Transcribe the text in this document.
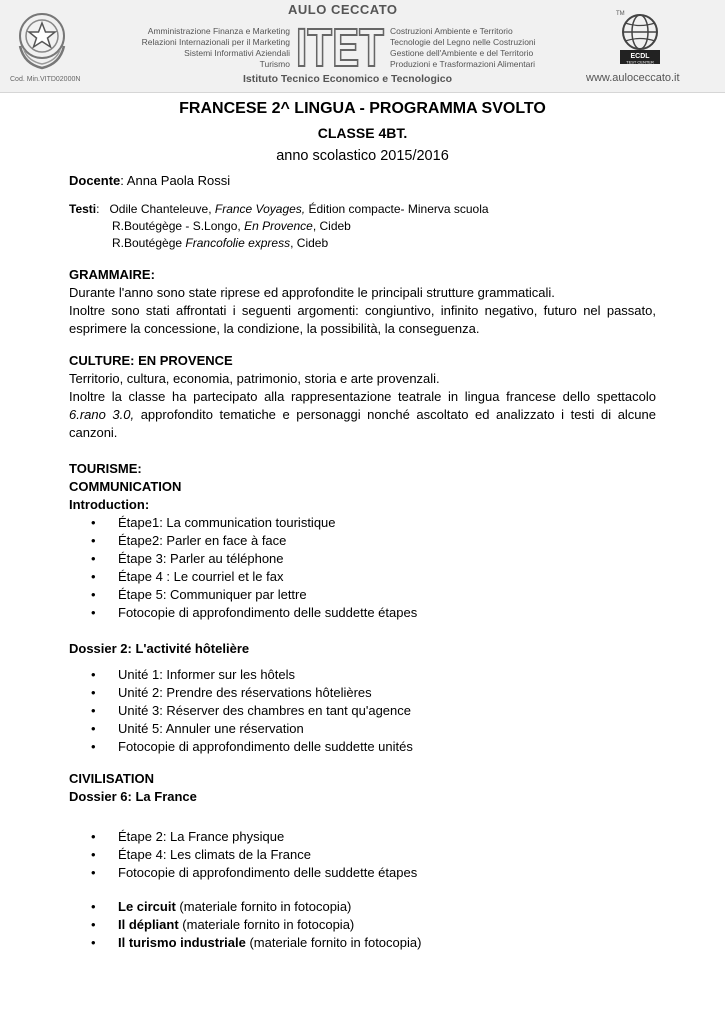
Cod. Min.VITD02000N
AULO CECCATO
Amministrazione Finanza e Marketing
Relazioni Internazionali per il Marketing
Sistemi Informativi Aziendali
Turismo ITET Costruzioni Ambiente e Territorio
Tecnologie del Legno nelle Costruzioni
Gestione dell'Ambiente e del Territorio
Produzioni e Trasformazioni Alimentari
Istituto Tecnico Economico e Tecnologico
TM
ECDL
TEST CENTER
www.auloceccato.it
FRANCESE 2^ LINGUA - PROGRAMMA SVOLTO
CLASSE 4BT.
anno scolastico 2015/2016
Docente: Anna Paola Rossi
Testi:   Odile Chanteleuve, France Voyages, Édition compacte- Minerva scuola
R.Boutégège - S.Longo, En Provence, Cideb
R.Boutégège Francofolie express, Cideb
GRAMMAIRE:

Durante l'anno sono state riprese ed approfondite le principali strutture grammaticali.

Inoltre sono stati affrontati i seguenti argomenti: congiuntivo, infinito negativo, futuro nel passato, esprimere la concessione, la condizione, la possibilità, la conseguenza.

CULTURE: EN PROVENCE

Territorio, cultura, economia, patrimonio, storia e arte provenzali.

Inoltre la classe ha partecipato alla rappresentazione teatrale in lingua francese dello spettacolo 6.rano 3.0, approfondito tematiche e personaggi nonché ascoltato ed analizzato i testi di alcune canzoni.

TOURISME:
COMMUNICATION
Introduction:
• Étape1: La communication touristique
• Étape2: Parler en face à face
• Étape 3: Parler au téléphone
• Étape 4 : Le courriel et le fax
• Étape 5: Communiquer par lettre
• Fotocopie di approfondimento delle suddette étapes
Dossier 2: L'activité hôtelière
• Unité 1: Informer sur les hôtels
• Unité 2: Prendre des réservations hôtelières
• Unité 3: Réserver des chambres en tant qu'agence
• Unité 5: Annuler une réservation
• Fotocopie di approfondimento delle suddette unités
CIVILISATION
Dossier 6: La France
• Étape 2: La France physique
• Étape 4: Les climats de la France
• Fotocopie di approfondimento delle suddette étapes
• Le circuit (materiale fornito in fotocopia)
• Il dépliant (materiale fornito in fotocopia)
• Il turismo industriale (materiale fornito in fotocopia)
